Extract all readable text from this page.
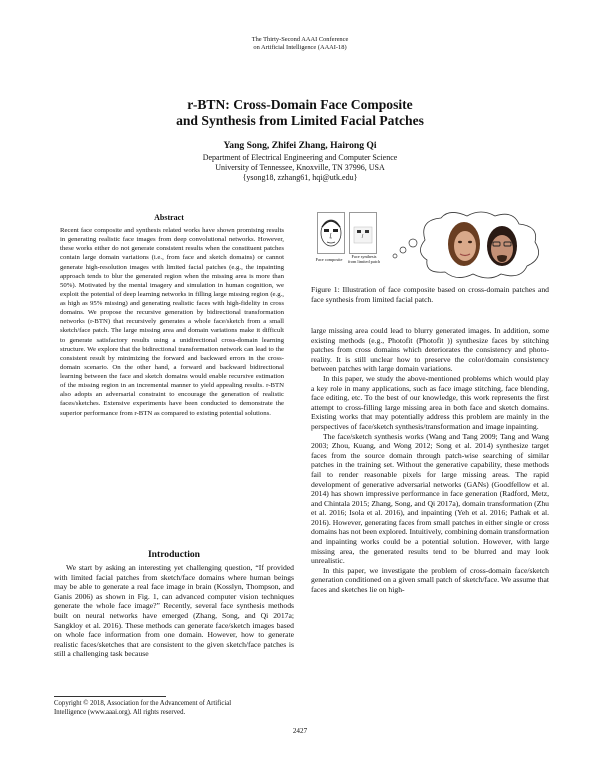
The Thirty-Second AAAI Conference
on Artificial Intelligence (AAAI-18)
r-BTN: Cross-Domain Face Composite
and Synthesis from Limited Facial Patches
Yang Song, Zhifei Zhang, Hairong Qi
Department of Electrical Engineering and Computer Science
University of Tennessee, Knoxville, TN 37996, USA
{ysong18, zzhang61, hqi@utk.edu}
Abstract
Recent face composite and synthesis related works have shown promising results in generating realistic face images from deep convolutional networks. However, these works either do not generate consistent results when the constituent patches contain large domain variations (i.e., from face and sketch domains) or cannot generate high-resolution images with limited facial patches (e.g., the inpainting approach tends to blur the generated region when the missing area is more than 50%). Motivated by the mental imagery and simulation in human cognition, we exploit the potential of deep learning networks in filling large missing region (e.g., as high as 95% missing) and generating realistic faces with high-fidelity in cross domains. We propose the recursive generation by bidirectional transformation networks (r-BTN) that recursively generates a whole face/sketch from a small sketch/face patch. The large missing area and domain variations make it difficult to generate satisfactory results using a unidirectional cross-domain learning structure. We explore that the bidirectional transformation network can lead to the consistent result by minimizing the forward and backward errors in the cross-domain scenario. On the other hand, a forward and backward bidirectional learning between the face and sketch domains would enable recursive estimation of the missing region in an incremental manner to yield appealing results. r-BTN also adopts an adversarial constraint to encourage the generation of realistic faces/sketches. Extensive experiments have been conducted to demonstrate the superior performance from r-BTN as compared to existing potential solutions.
Introduction

We start by asking an interesting yet challenging question, “If provided with limited facial patches from sketch/face domains where human beings may be able to generate a real face image in brain (Kosslyn, Thompson, and Ganis 2006) as shown in Fig. 1, can advanced computer vision techniques generate the whole face image?” Recently, several face synthesis methods built on neural networks have emerged (Zhang, Song, and Qi 2017a; Sangkloy et al. 2016). These methods can generate face/sketch images based on whole face information from one domain. However, how to generate realistic faces/sketches that are consistent to the given sketch/face patches is still a challenging task because

Copyright © 2018, Association for the Advancement of Artificial
Intelligence (www.aaai.org). All rights reserved.
Face composite
Face synthesis
from limited patch
Figure 1: Illustration of face composite based on cross-domain patches and face synthesis from limited facial patch.

large missing area could lead to blurry generated images. In addition, some existing methods (e.g., Photofit (Photofit )) synthesize faces by stitching patches from cross domains which deteriorates the consistency and photo-reality. It is still unclear how to preserve the color/domain consistency between patches with large domain variations.

In this paper, we study the above-mentioned problems which would play a key role in many applications, such as face image stitching, face blending, face editing, etc. To the best of our knowledge, this work represents the first attempt to cross-filling large missing area in both face and sketch domains. Existing works that may potentially address this problem are mainly in the perspectives of face/sketch synthesis/transformation and image inpainting.

The face/sketch synthesis works (Wang and Tang 2009; Tang and Wang 2003; Zhou, Kuang, and Wong 2012; Song et al. 2014) synthesize target faces from the source domain through patch-wise searching of similar patches in the training set. Without the generative capability, these methods fail to render reasonable pixels for large missing areas. The rapid development of generative adversarial networks (GANs) (Goodfellow et al. 2014) has shown impressive performance in face generation (Radford, Metz, and Chintala 2015; Zhang, Song, and Qi 2017a), domain transformation (Zhu et al. 2016; Isola et al. 2016), and inpainting (Yeh et al. 2016; Pathak et al. 2016). However, generating faces from small patches in either single or cross domains has not been explored. Intuitively, combining domain transformation and inpainting works could be a potential solution. However, with large missing area, the generated results tend to be blurred and may look unrealistic.

In this paper, we investigate the problem of cross-domain face/sketch generation conditioned on a given small patch of sketch/face. We assume that faces and sketches lie on high-

2427
